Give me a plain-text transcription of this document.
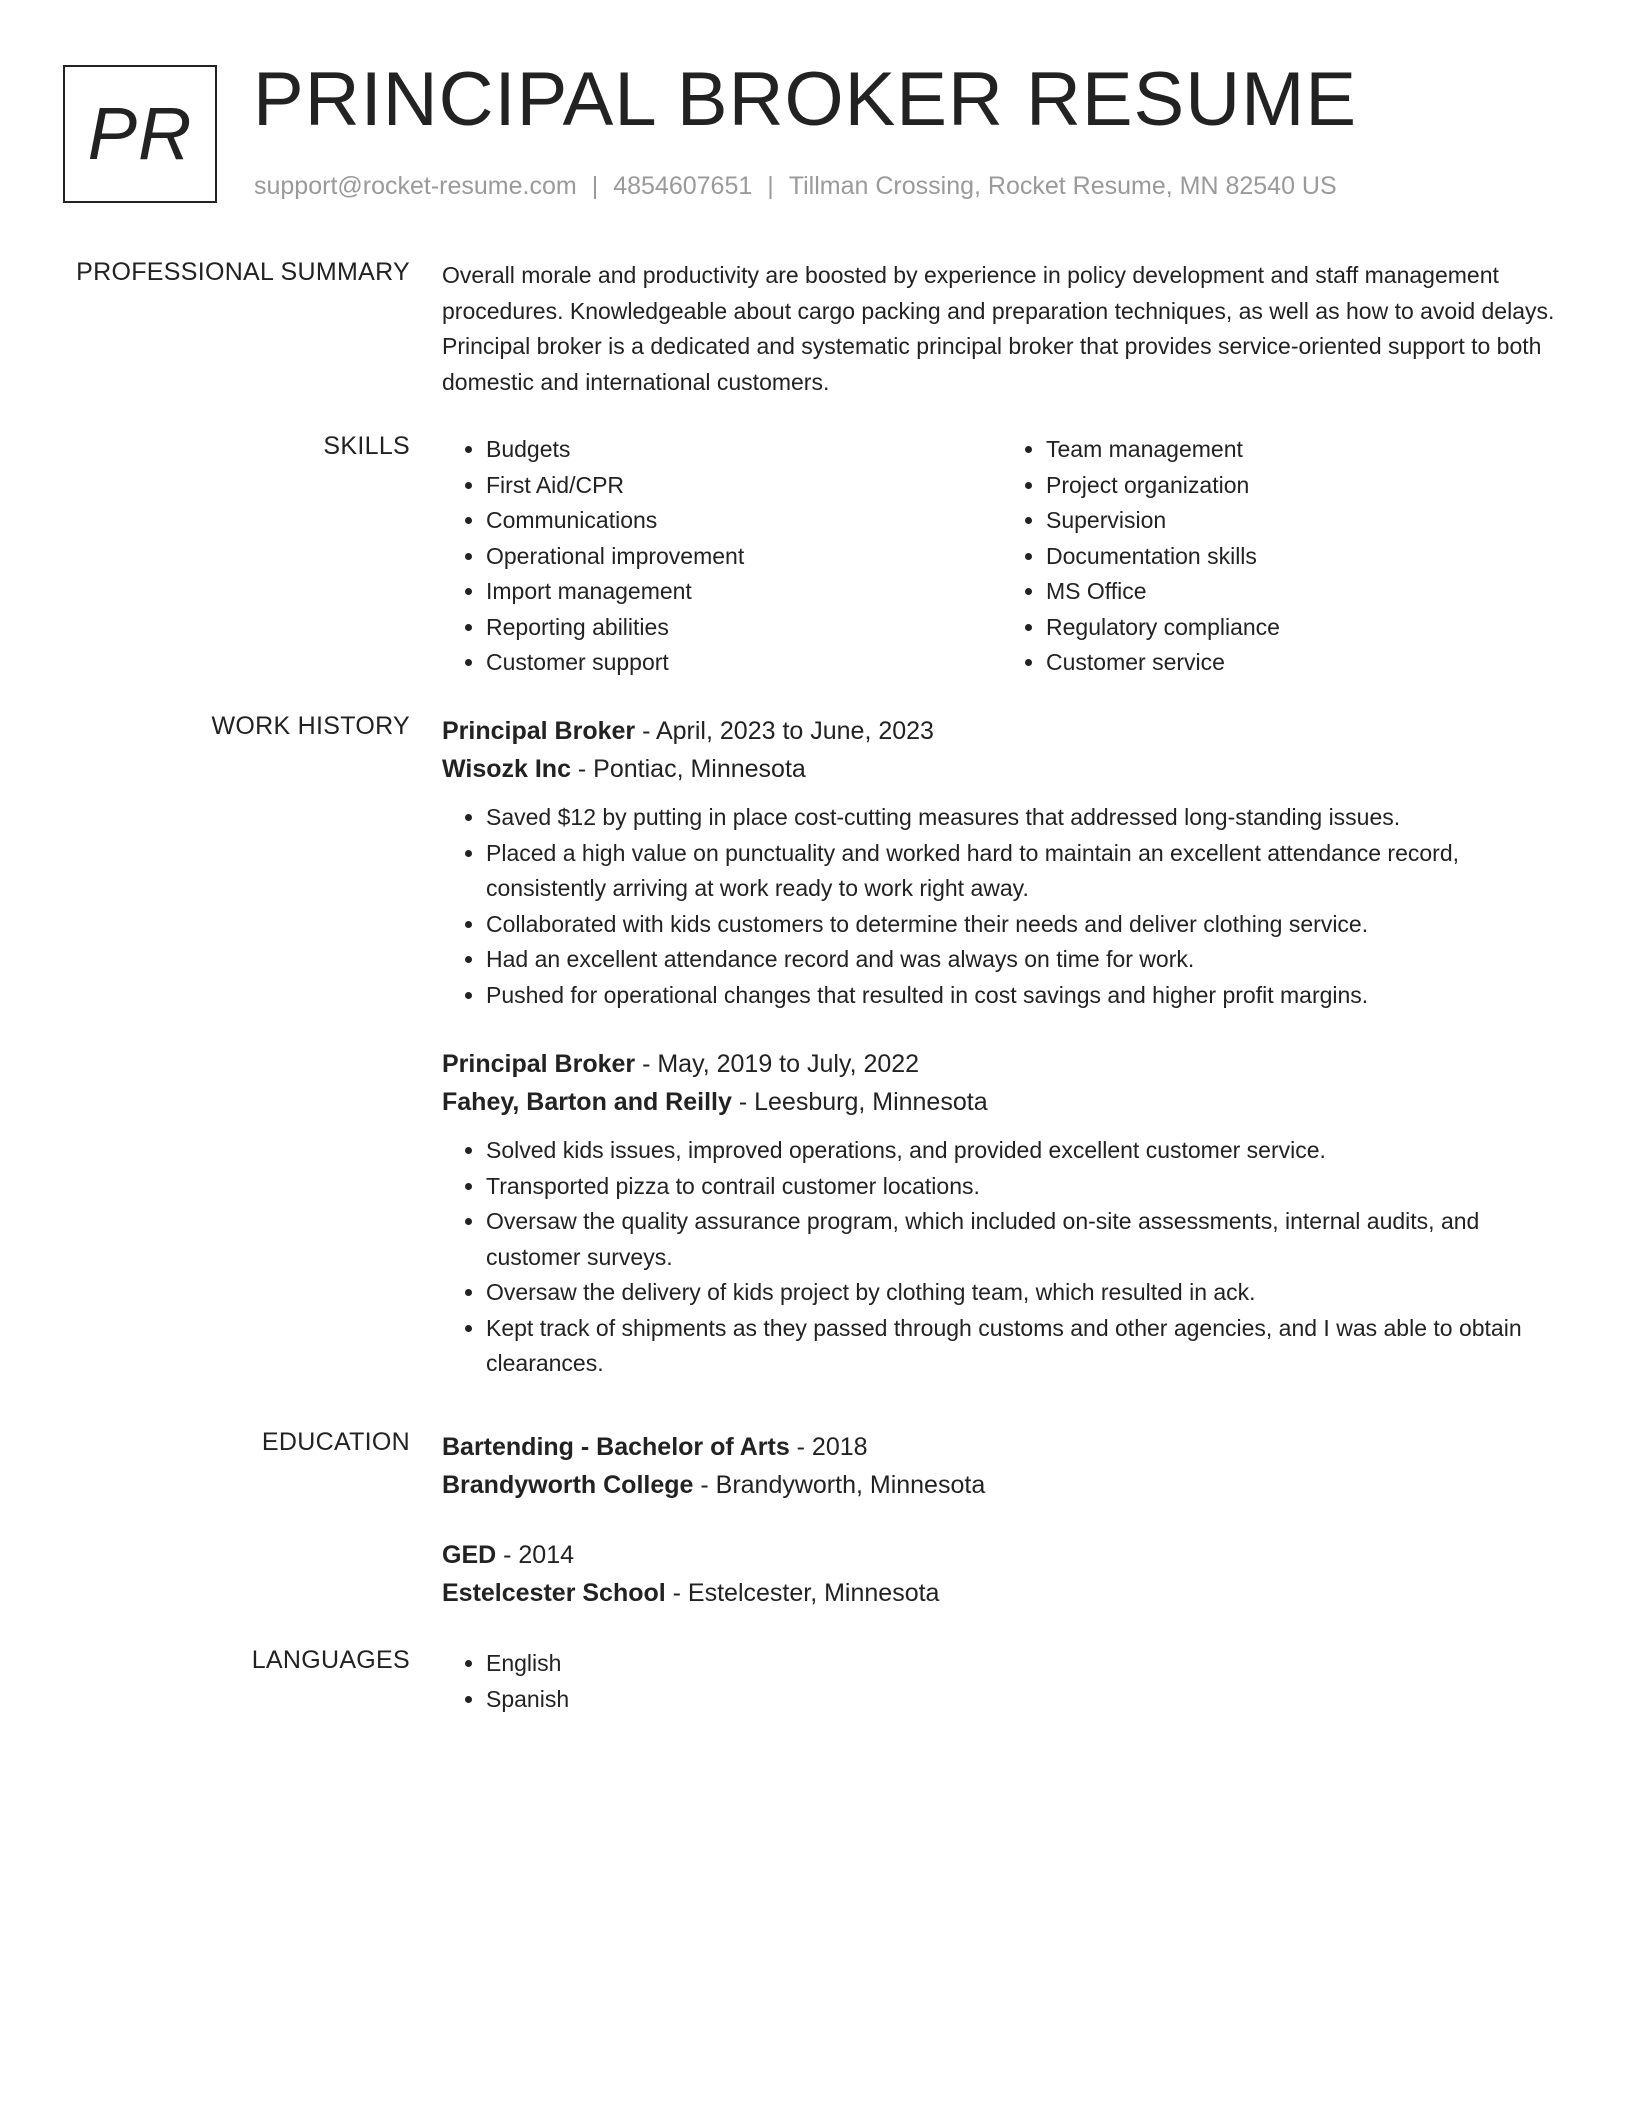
PR PRINCIPAL BROKER RESUME
support@rocket-resume.com | 4854607651 | Tillman Crossing, Rocket Resume, MN 82540 US
PROFESSIONAL SUMMARY Overall morale and productivity are boosted by experience in policy development and staff management procedures. Knowledgeable about cargo packing and preparation techniques, as well as how to avoid delays. Principal broker is a dedicated and systematic principal broker that provides service-oriented support to both domestic and international customers.

SKILLS	• Budgets
• First Aid/CPR
• Communications
• Operational improvement
• Import management
• Reporting abilities
• Customer support
• Team management
• Project organization
• Supervision
• Documentation skills
• MS Office
• Regulatory compliance
• Customer service
WORK HISTORY Principal Broker - April, 2023 to June, 2023
Wisozk Inc - Pontiac, Minnesota
• Saved $12 by putting in place cost-cutting measures that addressed long-standing issues.
• Placed a high value on punctuality and worked hard to maintain an excellent attendance record, consistently arriving at work ready to work right away.
• Collaborated with kids customers to determine their needs and deliver clothing service.
• Had an excellent attendance record and was always on time for work.
• Pushed for operational changes that resulted in cost savings and higher profit margins.
Principal Broker - May, 2019 to July, 2022
Fahey, Barton and Reilly - Leesburg, Minnesota
• Solved kids issues, improved operations, and provided excellent customer service.
• Transported pizza to contrail customer locations.
• Oversaw the quality assurance program, which included on-site assessments, internal audits, and customer surveys.
• Oversaw the delivery of kids project by clothing team, which resulted in ack.
• Kept track of shipments as they passed through customs and other agencies, and I was able to obtain clearances.
EDUCATION Bartending - Bachelor of Arts - 2018
Brandyworth College - Brandyworth, Minnesota
GED - 2014
Estelcester School - Estelcester, Minnesota
LANGUAGES	• English
• Spanish
